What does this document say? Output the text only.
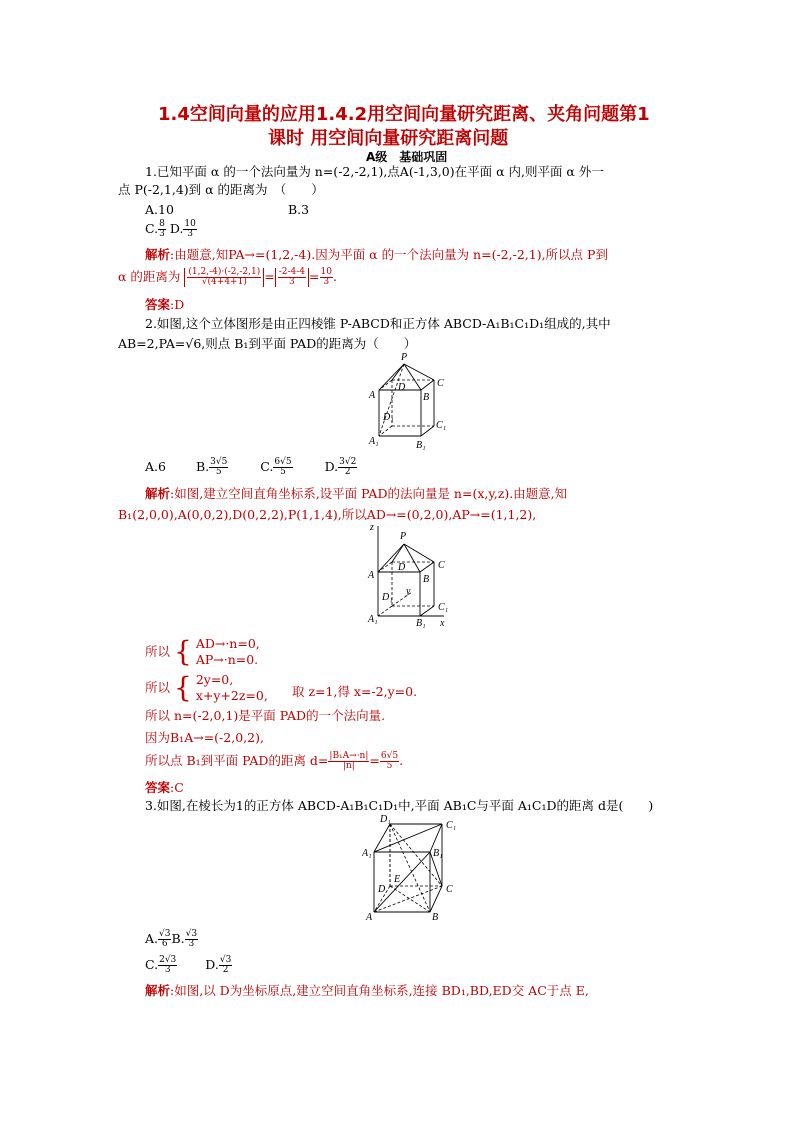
1.4空间向量的应用1.4.2用空间向量研究距离、夹角问题第1
课时 用空间向量研究距离问题
A级　基础巩固
1.已知平面 α 的一个法向量为 n=(-2,-2,1),点A(-1,3,0)在平面 α 内,则平面 α 外一
点 P(-2,1,4)到 α 的距离为　（　　）
A.10	B.3
C. $\frac{8}{3} D$. $\frac{10}{3}$
解析:由题意,知PA→=(1,2,-4).因为平面 α 的一个法向量为 n=(-2,-2,1),所以点 P到
α 的距离为 $\frac{(1,2,-4)\cdot(-2,-2,1)}{√(4+4+1)} = \frac{-2-4-4}{3} = \frac{10}{3}$ .
答案:D
2.如图,这个立体图形是由正四棱锥 P-ABCD和正方体 ABCD-A₁B₁C₁D₁组成的,其中
AB=2,PA=√6,则点 B₁到平面 PAD的距离为（　　）
P
D	C
A	B
D₁
C₁
A₁	B₁
A.6 B. $\frac{3√5}{5}$	C. $\frac{6√5}{5}$	D. $\frac{3√2}{2}$
解析:如图,建立空间直角坐标系,设平面 PAD的法向量是 n=(x,y,z).由题意,知
B₁(2,0,0),A(0,0,2),D(0,2,2),P(1,1,4),所以AD→=(0,2,0),AP→=(1,1,2),
z
P
D	C
A	B
D₁
y
C₁
A₁	B₁ x
所以 { AD→·n=0,
AP→·n=0.
所以 { 2y=0,
x+y+2z=0, 取 z=1,得 x=-2,y=0.
所以 n=(-2,0,1)是平面 PAD的一个法向量.
因为B₁A→=(-2,0,2),
所以点 B₁到平面 PAD的距离 $d= \frac{\text{|B₁A→·n|}}{|n|} = \frac{6√5}{5}$ .
答案:C
3.如图,在棱长为1的正方体 ABCD-A₁B₁C₁D₁中,平面 AB₁C与平面 A₁C₁D的距离 d是(　　)
D₁
C₁
A₁	B₁
E
D	C
A	B
A. $\frac{√3}{6} B$. $\frac{√3}{3}$
C. $\frac{2√3}{3} D$. $\frac{√3}{2}$
解析:如图,以 D为坐标原点,建立空间直角坐标系,连接 BD₁,BD,ED交 AC于点 E,
